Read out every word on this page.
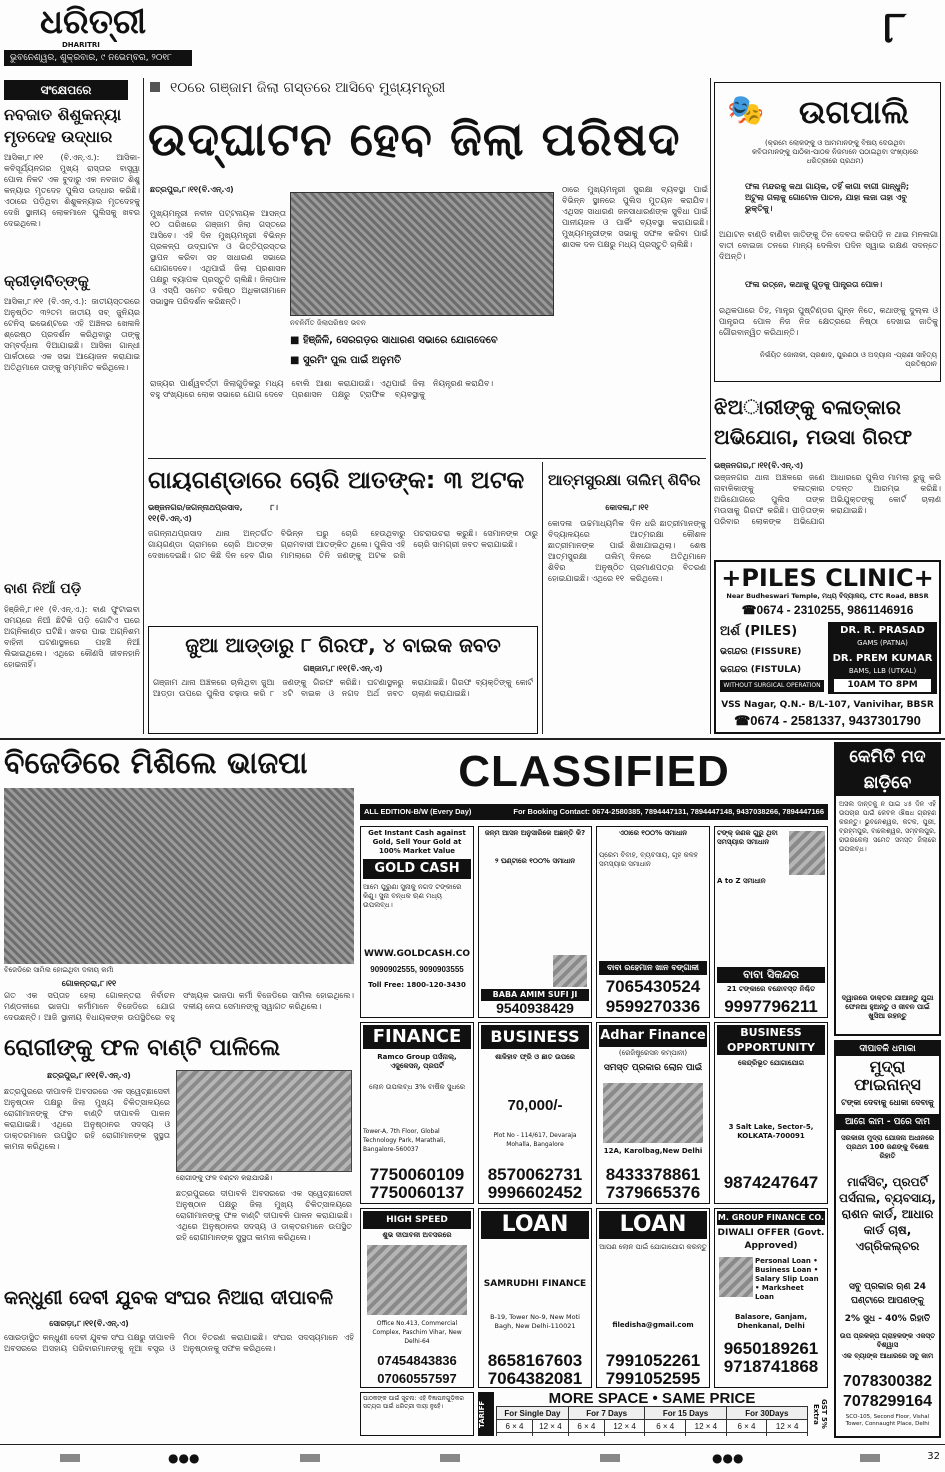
ଧରିତ୍ରୀ
DHARITRI
ଭୁବନେଶ୍ୱର, ଶୁକ୍ରବାର, ୯ ନଭେମ୍ବର, ୨୦୧୮
୮
ସଂକ୍ଷେପରେ
ନବଜାତ ଶିଶୁକନ୍ୟା ମୃତଦେହ ଉଦ୍ଧାର
ଆସିକା,୮।୧୧ (ବି.ଏନ୍.ଏ.): ଆସିକା-କବିସୂର୍ଯ୍ୟନଗର ମୁଖ୍ୟ ରାସ୍ତାର ବାସ୍ତ୍ୱା ପୋଲ ନିକଟ ଏକ ବୁଦାରୁ ଏକ ନବଜାତ ଶିଶୁ କନ୍ୟାର ମୃତଦେହ ପୁଲିସ ଉଦ୍ଧାର କରିଛି। ଏଠାରେ ପଡ଼ିଥିବା ଶିଶୁକନ୍ୟାର ମୃତଦେହକୁ ଦେଖି ସ୍ଥାନୀୟ ଲୋକମାନେ ପୁଲିସକୁ ଖବର ଦେଇଥିଲେ।
କ୍ରୀଡ଼ାବିତ୍‌ଙ୍କୁ
ଆସିକା,୮।୧୧ (ବି.ଏନ୍.ଏ.): ଜାତୀୟସ୍ତରରେ ଅନୁଷ୍ଠିତ ୩୨ତମ ଜାତୀୟ ସବ୍ ଜୁନିୟର ଟେନିସ୍ ଇଭେଣ୍ଟରେ ଏହି ଅଞ୍ଚଳର ଖେଳାଳି ଶ୍ରେଷ୍ଠ ପ୍ରଦର୍ଶନ କରିଥିବାରୁ ତାଙ୍କୁ ସମ୍ବର୍ଦ୍ଧନା ଦିଆଯାଇଛି। ଆସିକା ଗାନ୍ଧୀ ପାର୍କଠାରେ ଏକ ସଭା ଆୟୋଜନ କରାଯାଇ ଅତିଥିମାନେ ତାଙ୍କୁ ସମ୍ମାନିତ କରିଥିଲେ।
ବାଣ ନିଆଁ ପଡ଼ି
ହିଞ୍ଜିଳି,୮।୧୧ (ବି.ଏନ୍.ଏ.): ବାଣ ଫୁଟାଇବା ସମୟରେ ନିଆଁ ଛିଟିକି ପଡ଼ି ଗୋଟିଏ ଘରେ ଅଗ୍ନିକାଣ୍ଡ ଘଟିଛି। ଖବର ପାଇ ଅଗ୍ନିଶମ ବାହିନୀ ଘଟଣାସ୍ଥଳରେ ପହଞ୍ଚି ନିଆଁ ଲିଭାଇଥିଲେ। ଏଥିରେ କୌଣସି ଜୀବନହାନି ହୋଇନାହିଁ।
୧୦ରେ ଗଞ୍ଜାମ ଜିଲା ଗସ୍ତରେ ଆସିବେ ମୁଖ୍ୟମନ୍ତ୍ରୀ
ଉଦ୍‌ଘାଟନ ହେବ ଜିଲା ପରିଷଦ
ଛତ୍ରପୁର,୮।୧୧(ବି.ଏନ୍.ଏ)
ମୁଖ୍ୟମନ୍ତ୍ରୀ ନବୀନ ପଟ୍ଟନାୟକ ଆସନ୍ତା ୧୦ ତାରିଖରେ ଗଞ୍ଜାମ ଜିଲା ଗସ୍ତରେ ଆସିବେ। ଏହି ଦିନ ମୁଖ୍ୟମନ୍ତ୍ରୀ ବିଭିନ୍ନ ପ୍ରକଳ୍ପ ଉଦ୍‌ଘାଟନ ଓ ଭିତ୍ତିପ୍ରସ୍ତର ସ୍ଥାପନ କରିବା ସହ ସାଧାରଣ ସଭାରେ ଯୋଗଦେବେ। ଏଥିପାଇଁ ଜିଲା ପ୍ରଶାସନ ପକ୍ଷରୁ ବ୍ୟାପକ ପ୍ରସ୍ତୁତି ଚାଲିଛି। ଜିଲାପାଳ ଓ ଏସ୍‌ପି ସମେତ ବରିଷ୍ଠ ଅଧିକାରୀମାନେ ସଭାସ୍ଥଳ ପରିଦର୍ଶନ କରିଛନ୍ତି।
ନବନିର୍ମିତ ଜିଲାପରିଷଦ ଭବନ
■ ହିଞ୍ଜିଳି, ସେରଗଡ଼ର ସାଧାରଣ ସଭାରେ ଯୋଗଦେବେ
■ ସୁରମିଂ ପୁଲ ପାଇଁ ଅନୁମତି
ଠାରେ ମୁଖ୍ୟମନ୍ତ୍ରୀ ସୁରକ୍ଷା ବ୍ୟବସ୍ଥା ପାଇଁ ବିଭିନ୍ନ ସ୍ଥାନରେ ପୁଲିସ ମୁତୟନ କରାଯିବ। ଏଥିସହ ସାଧାରଣ ଜନସାଧାରଣଙ୍କ ସୁବିଧା ପାଇଁ ପାନୀୟଜଳ ଓ ପାର୍କିଂ ବ୍ୟବସ୍ଥା କରାଯାଇଛି। ମୁଖ୍ୟମନ୍ତ୍ରୀଙ୍କ ସଭାକୁ ସଫଳ କରିବା ପାଇଁ ଶାସକ ଦଳ ପକ୍ଷରୁ ମଧ୍ୟ ପ୍ରସ୍ତୁତି ଚାଲିଛି।
ରାଜ୍ୟର ପାର୍ଶ୍ୱବର୍ତ୍ତୀ ଜିଲାଗୁଡ଼ିକରୁ ମଧ୍ୟ ବହୁ ସଂଖ୍ୟାରେ ଲୋକ ସଭାରେ ଯୋଗ ଦେବେ ବୋଲି ଆଶା କରାଯାଉଛି। ଏଥିପାଇଁ ଜିଲା ପ୍ରଶାସନ ପକ୍ଷରୁ ଟ୍ରାଫିକ ବ୍ୟବସ୍ଥାକୁ ନିୟନ୍ତ୍ରଣ କରାଯିବ।
🎭	ଉଗପାଲି
(କ୍ରମେ ଲୋକଙ୍କୁ ଓ ଆମମାନଙ୍କୁ ବିଷୟ ଦେଉଥିବା କବିତାମାନଙ୍କୁ ପାଠିକା-ପାଠକ ନିଜମାନେ ପଠାଇଥିବା ସଂଖ୍ୟାରେ ଧରିତ୍ରୀରେ ପ୍ରଥମ)
ଫଳା ମନ୍ଦରକୁ କଥା ଗାୟକ, ତହିଁ କାଗା ବାଗୀ ଗାନ୍ଧୁନି; ଅଟୁଲା ଗଲାକୁ ଗୋଟୋଳ ପାତନ, ଯାହା ଲଜା ତାହା ଏବୁ ଭୁକ୍ତିକୁ।
ଅଯାଟନ ବାଣ୍ଡି ବାଣିବା ଜାତିଙ୍କୁ ତିନ ଦେବତା କରିପଡ଼ି ନ ଥାଇ ମନଲଗା ବାତୀ ବୋଇଜା ତନରେ ମାନ୍ୟ ଦେଲିବା ପଦିନ ସ୍ୱାଇ ରକ୍ଷଣ ସଦନ୍ତେ ଦିଅନ୍ତି।
ଫଳା ରତ୍‌ନେ, କଥାକୁ ଗୁଡ଼କୁ ପାନ୍ତ୍ରତା ପୋଳ।
ରଥିକପାରେ ତିହ, ମାନ୍ତ୍ର ପୁଷ୍ଟିଣ୍ଡର ଗୁନ୍ନ ନିତେ, କଥାଙ୍କୁ ଦୁଲ୍ଲ ଓ ପାନ୍ତ୍ରତା ପୋଳ ନିଜ ନିଜ କ୍ଷେତ୍ରରେ ନିଷ୍ଠା ଦେଖାଇ ଜାତିକୁ ଗୌରବାନ୍ୱିତ କରିଥାନ୍ତି।
ନିର୍ଭୟିତ ଜୋନାକୀ, ପ୍ରଶାଦ, ପୁରଣଠା ଓ ଅଦ୍ୟାନା -ପ୍ରାଣୀ ସାହିତ୍ୟ ପ୍ରତିଷ୍ଠାନ
ଝିଅାରୀଙ୍କୁ ବଳାତ୍କାର ଅଭିଯୋଗ, ମଉସା ଗିରଫ
ଭଞ୍ଜନଗର,୮।୧୧(ବି.ଏନ୍.ଏ)
ଭଞ୍ଜନଗର ଥାନା ଅଞ୍ଚଳରେ ଜଣେ ନାବାଳିକାଙ୍କୁ ବଳାତ୍କାର ଅଭିଯୋଗରେ ପୁଲିସ ତାଙ୍କ ମଉସାକୁ ଗିରଫ କରିଛି। ପୀଡ଼ିତାଙ୍କ ପରିବାର ଲୋକଙ୍କ ଅଭିଯୋଗ ଆଧାରରେ ପୁଲିସ ମାମଲା ରୁଜୁ କରି ତଦନ୍ତ ଆରମ୍ଭ କରିଛି। ଅଭିଯୁକ୍ତଙ୍କୁ କୋର୍ଟ ଚାଲାଣ କରାଯାଇଛି।
+PILES CLINIC+
Near Budheswari Temple, ମଧ୍ୟ ବିଦ୍ୟାଳୟ, CTC Road, BBSR
☎0674 - 2310255, 9861146916
ଅର୍ଶ (PILES)
ଭଗନ୍ଦର (FISSURE)
ଭଗନ୍ଦର (FISTULA)
WITHOUT SURGICAL OPERATION
DR. R. PRASAD
GAMS (PATNA)
DR. PREM KUMAR
BAMS, LLB (UTKAL)
10AM TO 8PM
VSS Nagar, Q.N.- B/L-107, Vanivihar, BBSR
☎0674 - 2581337, 9437301790
ଗାୟଗଣ୍ଡାରେ ଚୋରି ଆତଙ୍କ: ୩ ଅଟକ
ଭଞ୍ଜନଗର/ଜଗନ୍ନାଥପ୍ରସାଦ, ୮।୧୧(ବି.ଏନ୍.ଏ)
ଜଗନ୍ନାଥପ୍ରସାଦ ଥାନା ଅନ୍ତର୍ଗତ ଗାୟଗଣ୍ଡା ଗ୍ରାମରେ ଚୋରି ଆତଙ୍କ ଦେଖାଦେଇଛି। ଗତ କିଛି ଦିନ ହେବ ଗାଁର ବିଭିନ୍ନ ଘରୁ ଚୋରି ହେଉଥିବାରୁ ଗ୍ରାମବାସୀ ଆତଙ୍କିତ ଥିଲେ। ପୁଲିସ ଏହି ମାମଲାରେ ତିନି ଜଣଙ୍କୁ ଅଟକ ରଖି ପଚରାଉଚରା କରୁଛି। ସେମାନଙ୍କ ଠାରୁ ଚୋରି ସାମଗ୍ରୀ ଜବତ କରାଯାଇଛି।
ଆତ୍ମସୁରକ୍ଷା ତାଲିମ୍ ଶିବିର
କୋଦଳା,୮।୧୧
କୋଦଳା ଉଚ୍ଚମାଧ୍ୟମିକ ବିଦ୍ୟାଳୟରେ ଛାତ୍ରୀମାନଙ୍କ ପାଇଁ ଆତ୍ମସୁରକ୍ଷା ତାଲିମ୍ ଶିବିର ଅନୁଷ୍ଠିତ ହୋଇଯାଇଛି। ଏଥିରେ ୧୧ ଦିନ ଧରି ଛାତ୍ରୀମାନଙ୍କୁ ଆତ୍ମରକ୍ଷା କୌଶଳ ଶିଖାଯାଇଥିଲା। ଶେଷ ଦିନରେ ଅତିଥିମାନେ ପ୍ରମାଣପତ୍ର ବିତରଣ କରିଥିଲେ।
ଜୁଆ ଆଡ୍ଡାରୁ ୮ ଗିରଫ, ୪ ବାଇକ ଜବତ
ଗଞ୍ଜାମ,୮।୧୧(ବି.ଏନ୍.ଏ)
ଗଞ୍ଜାମ ଥାନା ଅଞ୍ଚଳରେ ଚାଲିଥିବା ଜୁଆ ଆଡ୍ଡା ଉପରେ ପୁଲିସ ଚଢ଼ାଉ କରି ୮ ଜଣଙ୍କୁ ଗିରଫ କରିଛି। ଘଟଣାସ୍ଥଳରୁ ୪ଟି ବାଇକ ଓ ନଗଦ ଅର୍ଥ ଜବତ କରାଯାଇଛି। ଗିରଫ ବ୍ୟକ୍ତିଙ୍କୁ କୋର୍ଟ ଚାଲାଣ କରାଯାଇଛି।
ବିଜେଡିରେ ମିଶିଲେ ଭାଜପା
ବିଜେଡିରେ ସାମିଲ ହୋଇଥିବା ଦଳୀୟ କର୍ମୀ
ଗୋଳନ୍ତରା,୮।୧୧
ଗତ ଏକ ସପ୍ତାହ ହେଲା ଗୋଳନ୍ତରା ନିର୍ବାଚନ ମଣ୍ଡଳୀରେ ଭାଜପା କର୍ମୀମାନେ ବିଜେଡିରେ ଯୋଗ ଦେଉଛନ୍ତି। ଆଜି ସ୍ଥାନୀୟ ବିଧାୟକଙ୍କ ଉପସ୍ଥିତିରେ ବହୁ ସଂଖ୍ୟକ ଭାଜପା କର୍ମୀ ବିଜେଡିରେ ସାମିଲ ହୋଇଥିଲେ। ଦଳୀୟ ନେତା ସେମାନଙ୍କୁ ସ୍ୱାଗତ କରିଥିଲେ।
ରୋଗୀଙ୍କୁ ଫଳ ବାଣ୍ଟି ପାଳିଲେ
ଛତ୍ରପୁର,୮।୧୧(ବି.ଏନ୍.ଏ)
ଛତ୍ରପୁରରେ ଦୀପାବଳି ଅବସରରେ ଏକ ସ୍ୱେଚ୍ଛାସେବୀ ଅନୁଷ୍ଠାନ ପକ୍ଷରୁ ଜିଲା ମୁଖ୍ୟ ଚିକିତ୍ସାଳୟରେ ରୋଗୀମାନଙ୍କୁ ଫଳ ବାଣ୍ଟି ଦୀପାବଳି ପାଳନ କରାଯାଇଛି। ଏଥିରେ ଅନୁଷ୍ଠାନର ସଦସ୍ୟ ଓ ଡାକ୍ତରମାନେ ଉପସ୍ଥିତ ରହି ରୋଗୀମାନଙ୍କ ସୁସ୍ଥତା କାମନା କରିଥିଲେ।
ରୋଗୀଙ୍କୁ ଫଳ ବଣ୍ଟନ କରାଯାଉଛି।
ଛତ୍ରପୁରରେ ଦୀପାବଳି ଅବସରରେ ଏକ ସ୍ୱେଚ୍ଛାସେବୀ ଅନୁଷ୍ଠାନ ପକ୍ଷରୁ ଜିଲା ମୁଖ୍ୟ ଚିକିତ୍ସାଳୟରେ ରୋଗୀମାନଙ୍କୁ ଫଳ ବାଣ୍ଟି ଦୀପାବଳି ପାଳନ କରାଯାଇଛି। ଏଥିରେ ଅନୁଷ୍ଠାନର ସଦସ୍ୟ ଓ ଡାକ୍ତରମାନେ ଉପସ୍ଥିତ ରହି ରୋଗୀମାନଙ୍କ ସୁସ୍ଥତା କାମନା କରିଥିଲେ।
କନ୍ଧୁଣୀ ଦେବୀ ଯୁବକ ସଂଘର ନିଆରା ଦୀପାବଳି
ସୋରଡ଼ା,୮।୧୧(ବି.ଏନ୍.ଏ)
ସୋରଡ଼ାସ୍ଥିତ କନ୍ଧୁଣୀ ଦେବୀ ଯୁବକ ସଂଘ ପକ୍ଷରୁ ଦୀପାବଳି ଅବସରରେ ଅସହାୟ ପରିବାରମାନଙ୍କୁ ନୂଆ ବସ୍ତ୍ର ଓ ମିଠା ବିତରଣ କରାଯାଇଛି। ସଂଘର ସଦସ୍ୟମାନେ ଏହି ଅନୁଷ୍ଠାନକୁ ସଫଳ କରିଥିଲେ।
CLASSIFIED
ALL EDITION-B/W (Every Day)	For Booking Contact: 0674-2580385, 7894447131, 7894447148, 9437038266, 7894447166
Get Instant Cash against Gold, Sell Your Gold at 100% Market Value
GOLD CASH
ଆମେ ପୁରୁଣା ସୁନାକୁ ନଗଦ ଟଙ୍କାରେ କିଣୁ। ସୁନା ବନ୍ଧକ ଋଣ ମଧ୍ୟ ଉପଲବ୍ଧ।
WWW.GOLDCASH.CO
9090902555, 9090903555
Toll Free: 1800-120-3430
ଜନ୍ମ ଆସନ ଅନୁସାରିକେ ଅଛନ୍ତି କି?
୨ ଘଣ୍ଟାରେ ୧୦୦% ସମାଧାନ
BABA AMIM SUFI JI
9540938429
ଏଠାରେ ୧୦୦% ସମାଧାନ
ପ୍ରେମ ବିବାହ, ବ୍ୟବସାୟ, ଗୃହ କଳହ ସମସ୍ୟାର ସମାଧାନ
ବାବା ରହେମାନ ଖାନ ବଙ୍ଗାଳୀ
7065430524
9599270336
ଟଙ୍କ୍ ଜଣକ ଗୁରୁ ଥିବା ସମସ୍ୟାର ସମାଧାନ
A to Z ସମାଧାନ
ବାବା ସିକନ୍ଦର
21 ଟଙ୍କାରେ ବନ୍ଦୋବସ୍ତ ନିଶ୍ଚିତ
9997796211
FINANCE
Ramco Group ପର୍ସନାଲ୍, ଏଜୁକେସନ୍, ପ୍ରପର୍ଟି
ଲୋନ ଉପଲବ୍ଧ 3% ବାର୍ଷିକ ସୁଧରେ
Tower-A, 7th Floor, Global Technology Park, Marathali, Bangalore-560037
7750060109
7750060137
BUSINESS
ଶାଳିହାବ ଫ୍ରି ଓ ଛାତ ଉପରେ
70,000/-
Plot No - 114/617, Devaraja Mohalla, Bangalore
8570062731
9996602452
Adhar Finance
(ରେଜିଷ୍ଟ୍ରେସନ କମ୍ପାନୀ)
ସମସ୍ତ ପ୍ରକାର ଲୋନ ପାଇଁ
12A, Karolbag,New Delhi
8433378861
7379665376
BUSINESS OPPORTUNITY
କେନ୍ଦ୍ରିଭୂତ ଯୋଗାଯୋଗ
3 Salt Lake, Sector-5, KOLKATA-700091
9874247647
HIGH SPEED
ଶୁଭ ଦୀପାବଳୀ ଅବସରରେ
Office No.413, Commercial Complex, Paschim Vihar, New Delhi-64
07454843836
07060557597
LOAN
SAMRUDHI FINANCE
B-19, Tower No-9, New Moti Bagh, New Delhi-110021
8658167603
7064382081
LOAN
ଆପଣ ଲୋନ ପାଇଁ ଯୋଗାଯୋଗ କରନ୍ତୁ
filedisha@gmail.com
7991052261
7991052595
M. GROUP FINANCE CO.
DIWALI OFFER (Govt. Approved)
Personal Loan • Business Loan • Salary Slip Loan • Marksheet Loan
Balasore, Ganjam, Dhenkanal, Delhi
9650189261
9718741868
ପାଠକଙ୍କ ପାଇଁ ସୂଚନା: ଏହି ବିଜ୍ଞାପନଗୁଡ଼ିକର ସତ୍ୟତା ପାଇଁ ଧରିତ୍ରୀ ଦାୟୀ ନୁହେଁ।	TARIFF
MORE SPACE • SAME PRICE
For Single Day		For 7 Days		For 15 Days		For 30Days	
6 × 4	12 × 4	6 × 4	12 × 4	6 × 4	12 × 4	6 × 4	12 × 4
								GST 5% Extra
କେମିତି ମଦ ଛାଡ଼ିବେ
ଅସଲ ଦାନ୍ତକୁ ନ ପାଇ ୪୫ ଦିନ ଏହି ଉପଚାର ପାଇଁ କେବଳ ଔଷଧ ଗ୍ରହଣ କରନ୍ତୁ। ଭୁବନେଶ୍ୱର, କଟକ, ପୁରୀ, ବ୍ରହ୍ମପୁର, ବାଲେଶ୍ୱର, ସମ୍ବଲପୁର, ରାଉରକେଲା ସମେତ ସମସ୍ତ ଜିଲାରେ ଉପଲବ୍ଧ।
ଦ୍ୱାରରେ ଡାକ୍ତର ଯାଆନ୍ତୁ ଯୁଗା ଫେନଆ ହୁଅନ୍ତୁ ଓ ଜୀବନ ପାଇଁ ଖୁସିଆ ରହନ୍ତୁ
ଦୀପାବଳି ଧମାକା
ମୁଦ୍ରା ଫାଇନାନ୍ସ
ଟଙ୍କା ଦେବାକୁ ଧୋକା ଦେବାକୁ
ଆଗେ କାମ - ପରେ ଦାମ
ସରକାରୀ ମୁଦ୍ରା ଯୋଜନା ଅଧୀନରେ ପ୍ରଥମ 100 ଜଣଙ୍କୁ ବିଶେଷ ରିହାତି
ମାର୍କସିଟ୍, ପ୍ରପର୍ଟି ପର୍ସନାଲ, ବ୍ୟବସାୟ, ରାଶନ କାର୍ଡ, ଆଧାର କାର୍ଡ ଚାଷ, ଏଗ୍ରିକଲ୍ଚର
ସବୁ ପ୍ରକାର ଋଣ 24 ଘଣ୍ଟାରେ ଆପଣଙ୍କୁ
2% ସୁଧ - 40% ରିହାତି
ଉପ ପ୍ରକଳ୍ପ ଗ୍ରାହକଙ୍କ ଏକସ୍ତ ବିଶ୍ୱାସ
ଏକ ବ୍ୟାଙ୍କ ଆଧାରରେ ସବୁ କାମ
7078300382
7078299164
SCO-105, Second Floor, Vishal Tower, Connaught Place, Delhi
●●●	●●●	32
